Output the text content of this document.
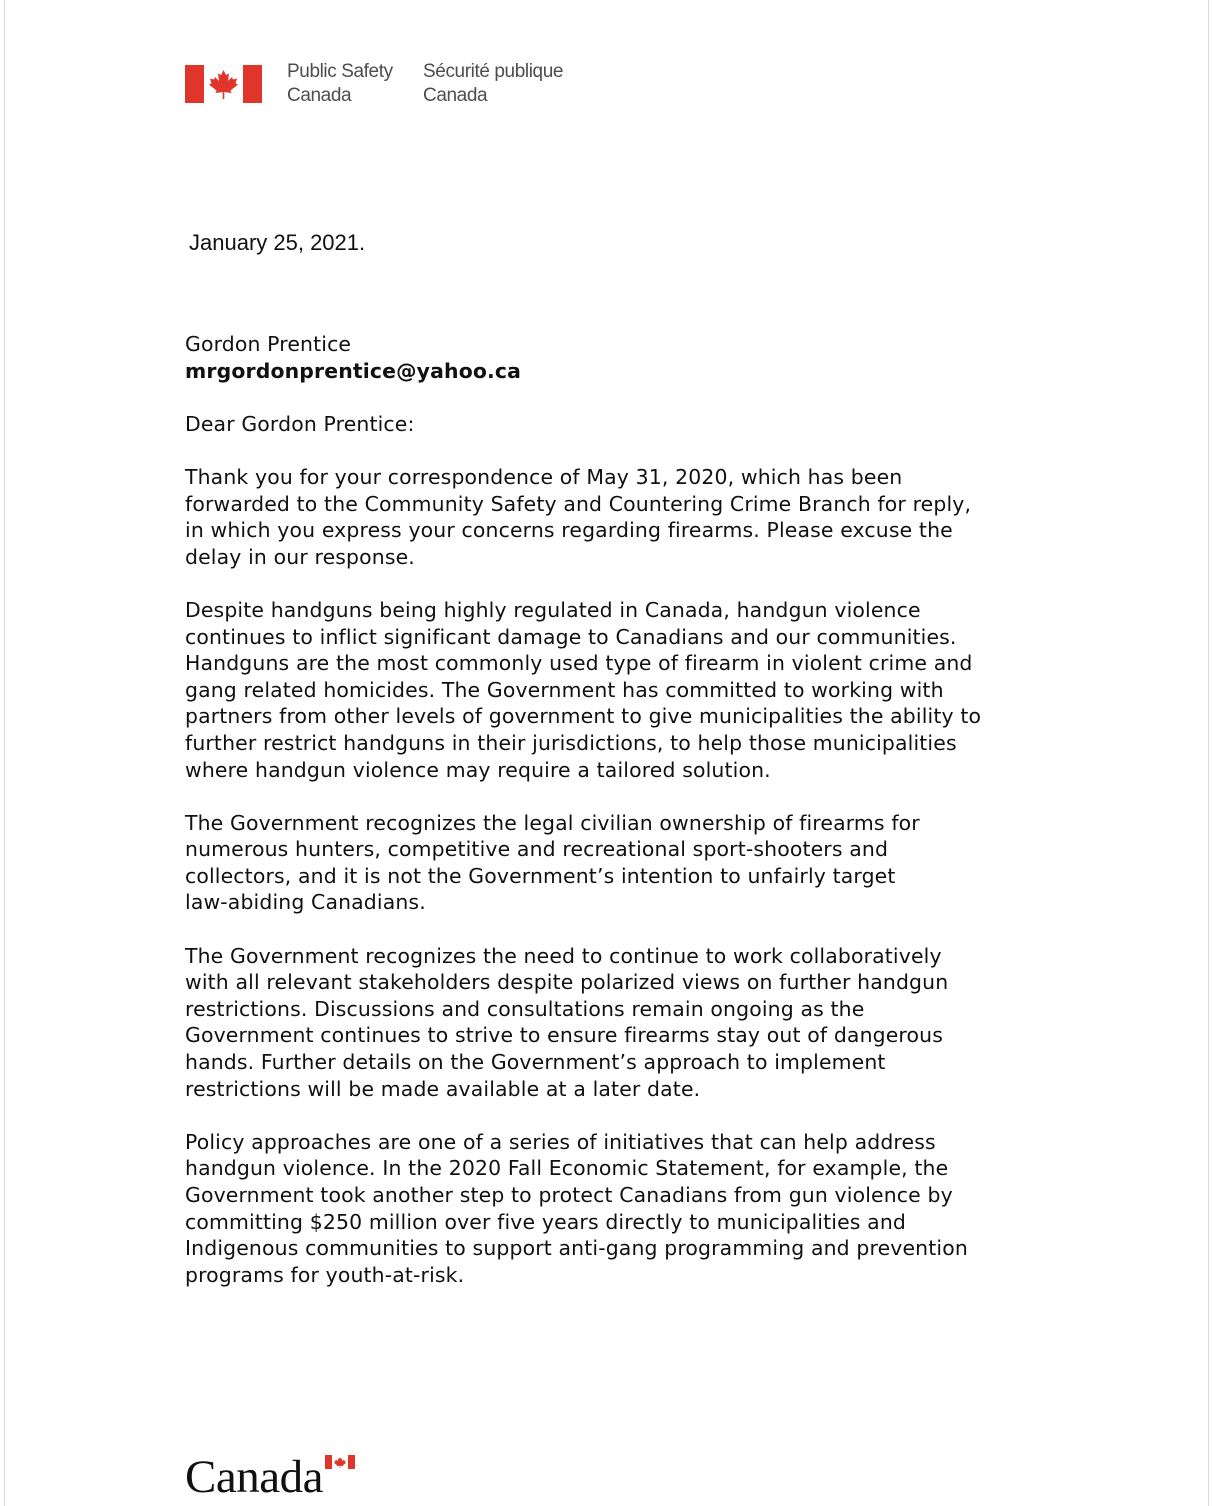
Public Safety
Canada
Sécurité publique
Canada
January 25, 2021.

Gordon Prentice

mrgordonprentice@yahoo.ca

Dear Gordon Prentice:

Thank you for your correspondence of May 31, 2020, which has been
forwarded to the Community Safety and Countering Crime Branch for reply,
in which you express your concerns regarding firearms. Please excuse the
delay in our response.

Despite handguns being highly regulated in Canada, handgun violence
continues to inflict significant damage to Canadians and our communities.
Handguns are the most commonly used type of firearm in violent crime and
gang related homicides. The Government has committed to working with
partners from other levels of government to give municipalities the ability to
further restrict handguns in their jurisdictions, to help those municipalities
where handgun violence may require a tailored solution.

The Government recognizes the legal civilian ownership of firearms for
numerous hunters, competitive and recreational sport-shooters and
collectors, and it is not the Government’s intention to unfairly target
law-abiding Canadians.

The Government recognizes the need to continue to work collaboratively
with all relevant stakeholders despite polarized views on further handgun
restrictions. Discussions and consultations remain ongoing as the
Government continues to strive to ensure firearms stay out of dangerous
hands. Further details on the Government’s approach to implement
restrictions will be made available at a later date.

Policy approaches are one of a series of initiatives that can help address
handgun violence. In the 2020 Fall Economic Statement, for example, the
Government took another step to protect Canadians from gun violence by
committing $250 million over five years directly to municipalities and
Indigenous communities to support anti-gang programming and prevention
programs for youth-at-risk.

Canada
